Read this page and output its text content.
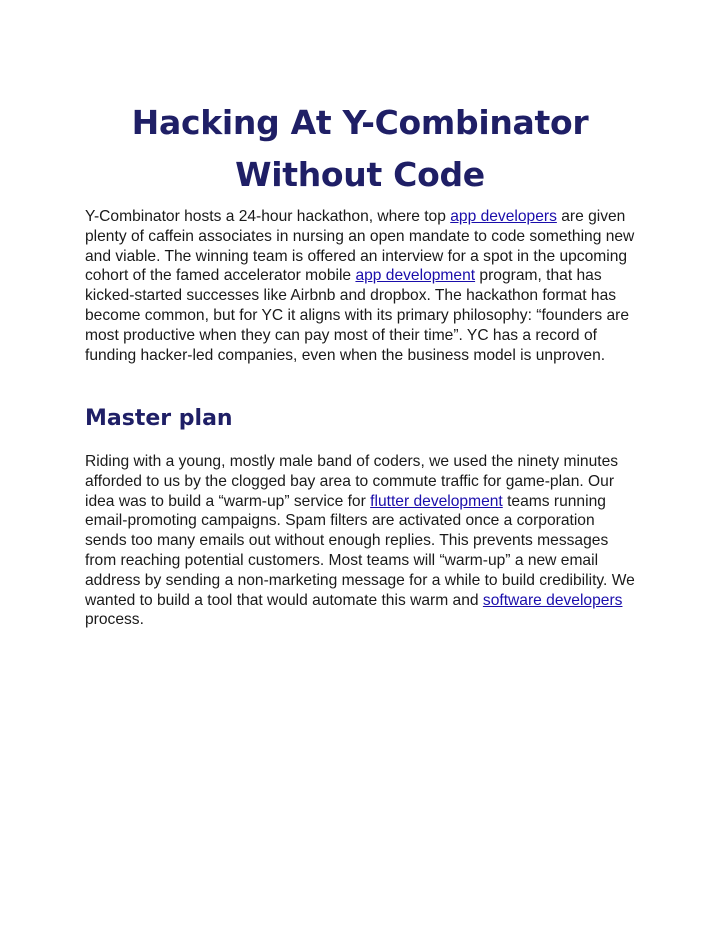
Hacking At Y-Combinator
Without Code

Y-Combinator hosts a 24-hour hackathon, where top app developers are given plenty of caffein associates in nursing an open mandate to code something new and viable. The winning team is offered an interview for a spot in the upcoming cohort of the famed accelerator mobile app development program, that has kicked-started successes like Airbnb and dropbox. The hackathon format has become common, but for YC it aligns with its primary philosophy: “founders are most productive when they can pay most of their time”. YC has a record of funding hacker-led companies, even when the business model is unproven.

Master plan

Riding with a young, mostly male band of coders, we used the ninety minutes afforded to us by the clogged bay area to commute traffic for game-plan. Our idea was to build a “warm-up” service for flutter development teams running email-promoting campaigns. Spam filters are activated once a corporation sends too many emails out without enough replies. This prevents messages from reaching potential customers. Most teams will “warm-up” a new email address by sending a non-marketing message for a while to build credibility. We wanted to build a tool that would automate this warm and software developers process.
